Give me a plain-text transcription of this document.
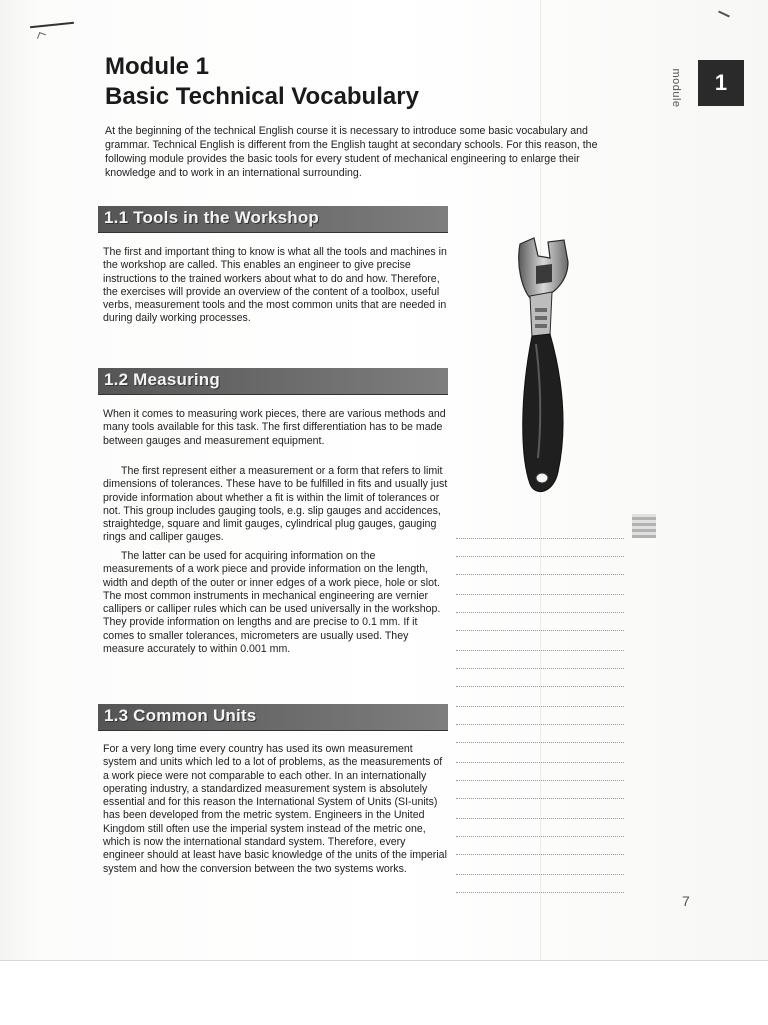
Module 1
Basic Technical Vocabulary

At the beginning of the technical English course it is necessary to introduce some basic vocabulary and grammar. Technical English is different from the English taught at secondary schools. For this reason, the following module provides the basic tools for every student of mechanical engineering to enlarge their knowledge and to work in an international surrounding.

1.1 Tools in the Workshop

The first and important thing to know is what all the tools and machines in the workshop are called. This enables an engineer to give precise instructions to the trained workers about what to do and how. Therefore, the exercises will provide an overview of the content of a toolbox, useful verbs, measurement tools and the most common units that are needed in during daily working processes.

1.2 Measuring

When it comes to measuring work pieces, there are various methods and many tools available for this task. The first differentiation has to be made between gauges and measurement equipment.

The first represent either a measurement or a form that refers to limit dimensions of tolerances. These have to be fulfilled in fits and usually just provide information about whether a fit is within the limit of tolerances or not. This group includes gauging tools, e.g. slip gauges and accidences, straightedge, square and limit gauges, cylindrical plug gauges, gauging rings and calliper gauges.

The latter can be used for acquiring information on the measurements of a work piece and provide information on the length, width and depth of the outer or inner edges of a work piece, hole or slot. The most common instruments in mechanical engineering are vernier callipers or calliper rules which can be used universally in the workshop. They provide information on lengths and are precise to 0.1 mm. If it comes to smaller tolerances, micrometers are usually used. They measure accurately to within 0.001 mm.

1.3 Common Units

For a very long time every country has used its own measurement system and units which led to a lot of problems, as the measurements of a work piece were not comparable to each other. In an internationally operating industry, a standardized measurement system is absolutely essential and for this reason the International System of Units (SI-units) has been developed from the metric system. Engineers in the United Kingdom still often use the imperial system instead of the metric one, which is now the international standard system. Therefore, every engineer should at least have basic knowledge of the units of the imperial system and how the conversion between the two systems works.

module 1
7
